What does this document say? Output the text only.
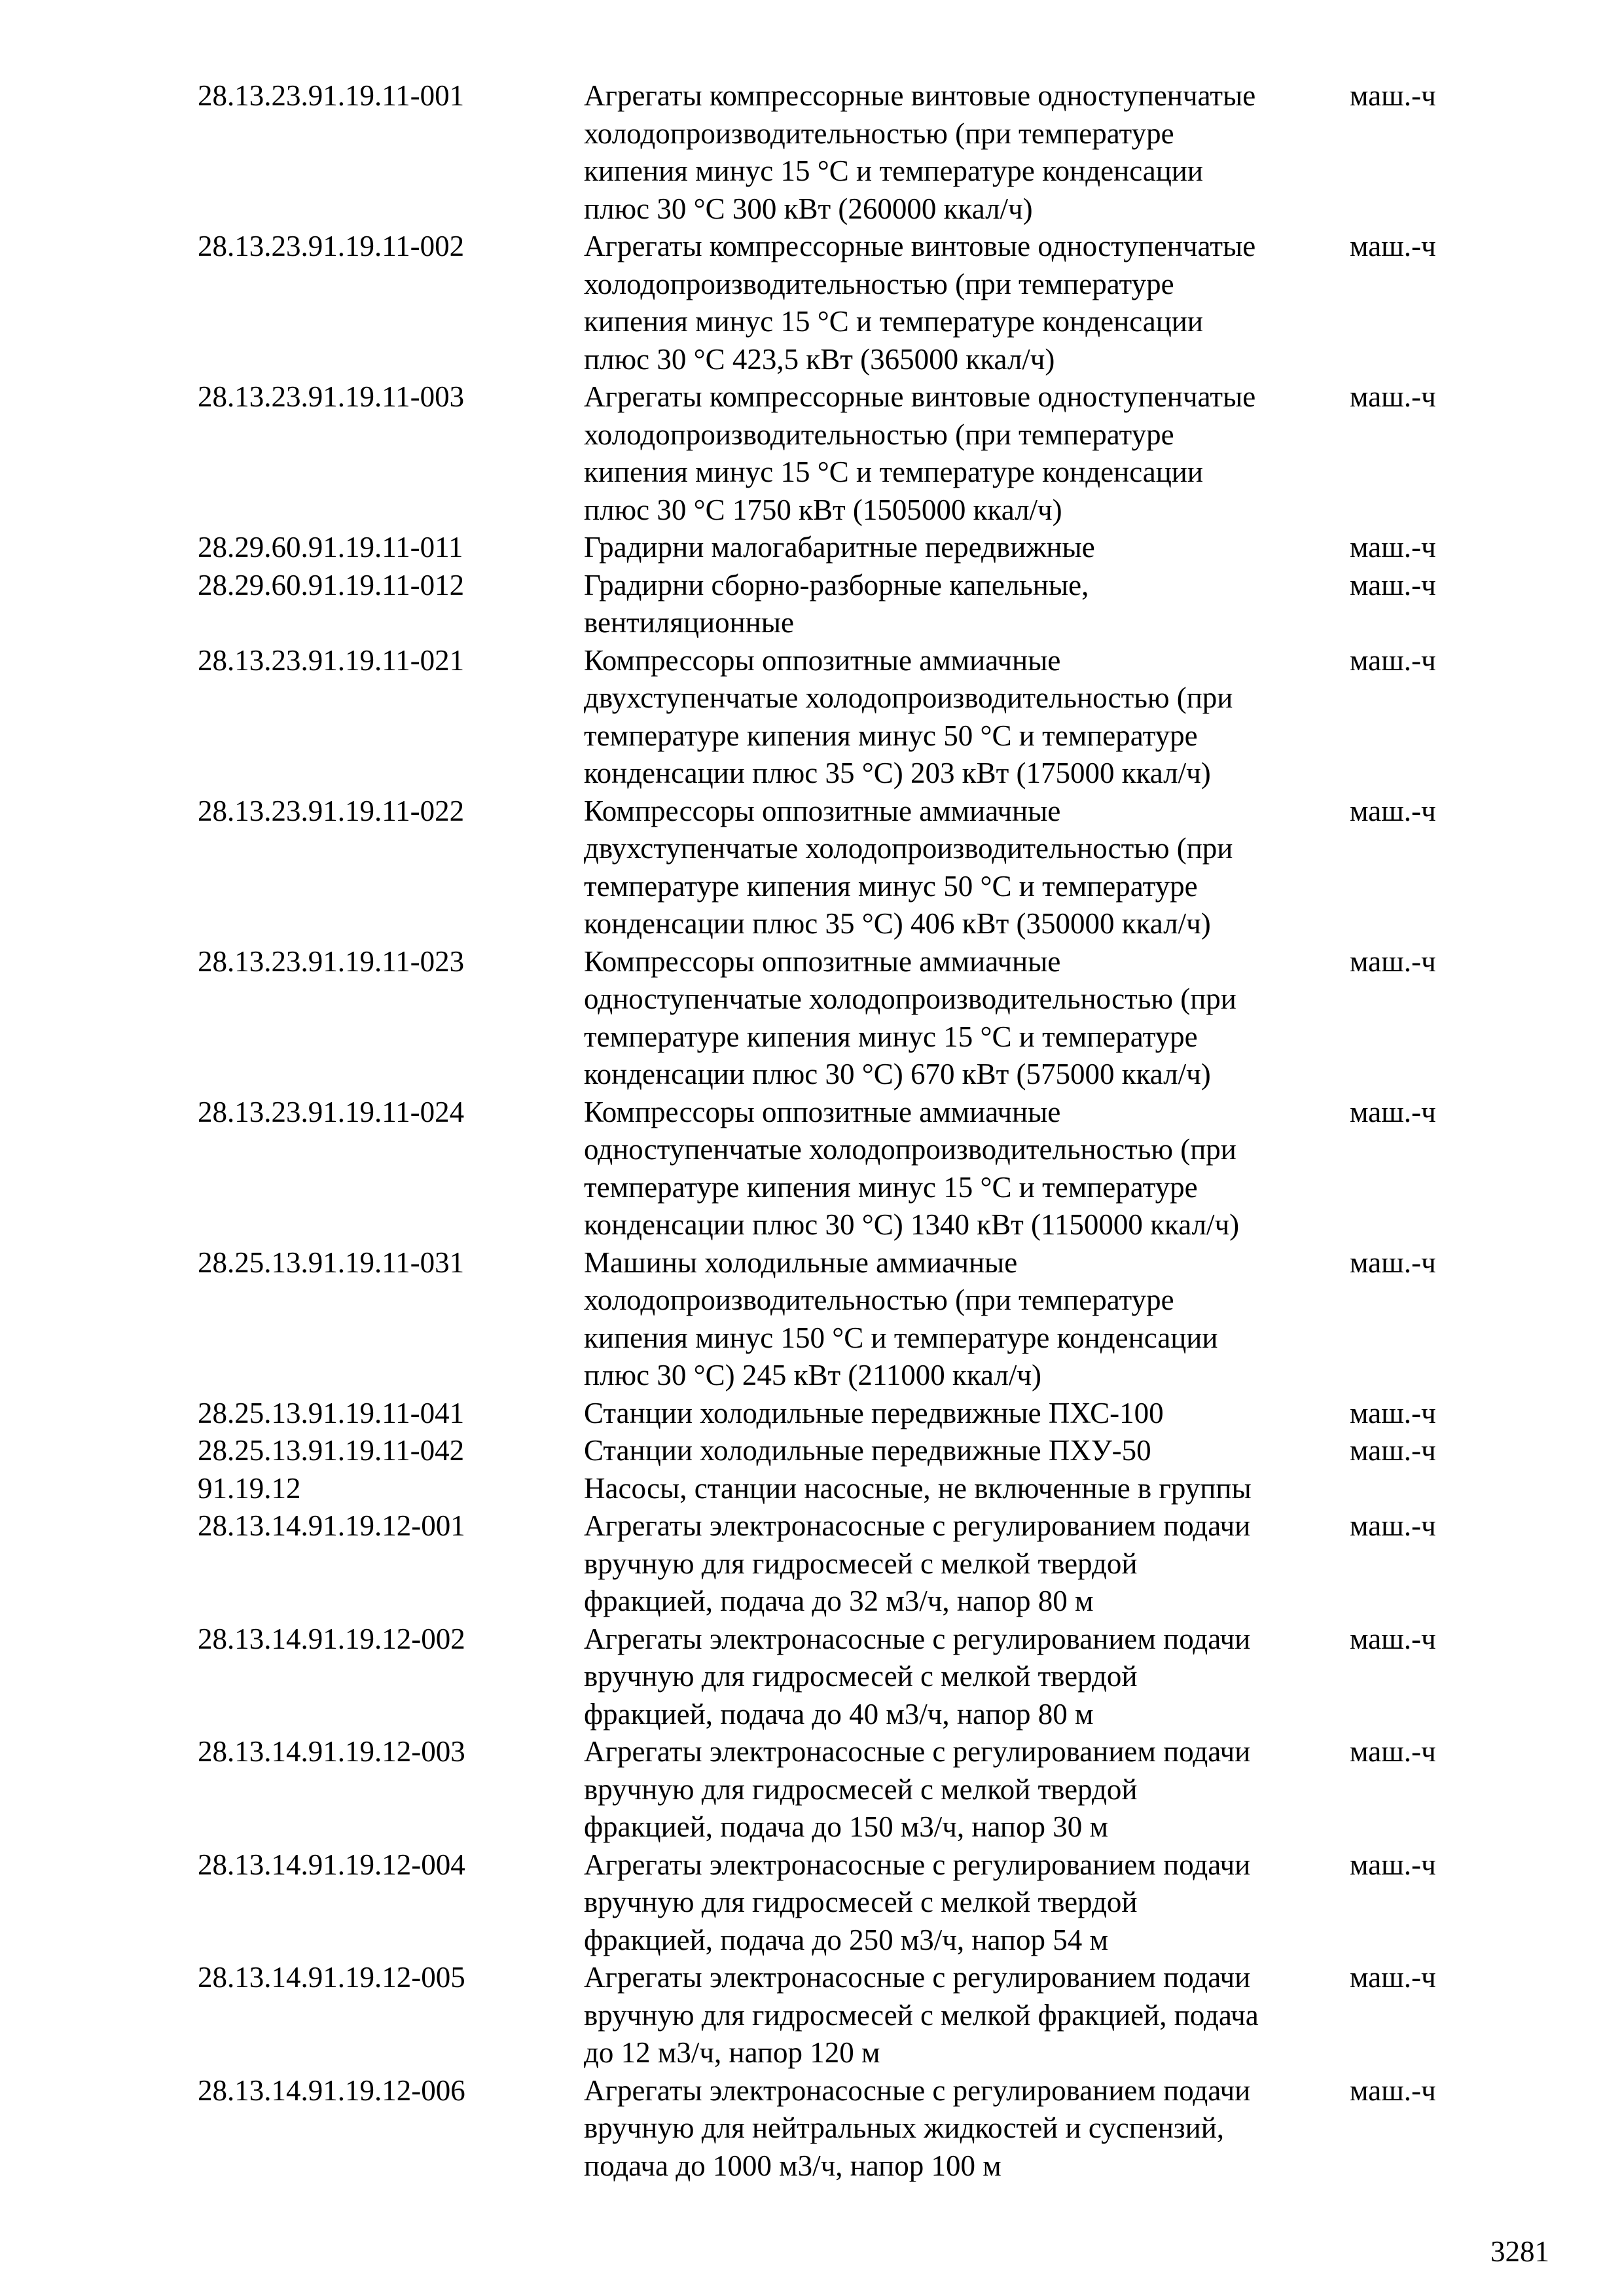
28.13.23.91.19.11-001	Агрегаты компрессорные винтовые одноступенчатые
холодопроизводительностью (при температуре
кипения минус 15 °С и температуре конденсации
плюс 30 °С 300 кВт (260000 ккал/ч)
маш.-ч
28.13.23.91.19.11-002	Агрегаты компрессорные винтовые одноступенчатые
холодопроизводительностью (при температуре
кипения минус 15 °С и температуре конденсации
плюс 30 °С 423,5 кВт (365000 ккал/ч)
маш.-ч
28.13.23.91.19.11-003	Агрегаты компрессорные винтовые одноступенчатые
холодопроизводительностью (при температуре
кипения минус 15 °С и температуре конденсации
плюс 30 °С 1750 кВт (1505000 ккал/ч)
маш.-ч
28.29.60.91.19.11-011	Градирни малогабаритные передвижные	маш.-ч
28.29.60.91.19.11-012	Градирни сборно-разборные капельные,
вентиляционные
маш.-ч
28.13.23.91.19.11-021	Компрессоры оппозитные аммиачные
двухступенчатые холодопроизводительностью (при
температуре кипения минус 50 °С и температуре
конденсации плюс 35 °С) 203 кВт (175000 ккал/ч)
маш.-ч
28.13.23.91.19.11-022	Компрессоры оппозитные аммиачные
двухступенчатые холодопроизводительностью (при
температуре кипения минус 50 °С и температуре
конденсации плюс 35 °С) 406 кВт (350000 ккал/ч)
маш.-ч
28.13.23.91.19.11-023	Компрессоры оппозитные аммиачные
одноступенчатые холодопроизводительностью (при
температуре кипения минус 15 °С и температуре
конденсации плюс 30 °С) 670 кВт (575000 ккал/ч)
маш.-ч
28.13.23.91.19.11-024	Компрессоры оппозитные аммиачные
одноступенчатые холодопроизводительностью (при
температуре кипения минус 15 °С и температуре
конденсации плюс 30 °С) 1340 кВт (1150000 ккал/ч)
маш.-ч
28.25.13.91.19.11-031	Машины холодильные аммиачные
холодопроизводительностью (при температуре
кипения минус 150 °С и температуре конденсации
плюс 30 °С) 245 кВт (211000 ккал/ч)
маш.-ч
28.25.13.91.19.11-041	Станции холодильные передвижные ПХС-100	маш.-ч
28.25.13.91.19.11-042	Станции холодильные передвижные ПХУ-50	маш.-ч
91.19.12	Насосы, станции насосные, не включенные в группы
28.13.14.91.19.12-001	Агрегаты электронасосные с регулированием подачи
вручную для гидросмесей с мелкой твердой
фракцией, подача до 32 м3/ч, напор 80 м
маш.-ч
28.13.14.91.19.12-002	Агрегаты электронасосные с регулированием подачи
вручную для гидросмесей с мелкой твердой
фракцией, подача до 40 м3/ч, напор 80 м
маш.-ч
28.13.14.91.19.12-003	Агрегаты электронасосные с регулированием подачи
вручную для гидросмесей с мелкой твердой
фракцией, подача до 150 м3/ч, напор 30 м
маш.-ч
28.13.14.91.19.12-004	Агрегаты электронасосные с регулированием подачи
вручную для гидросмесей с мелкой твердой
фракцией, подача до 250 м3/ч, напор 54 м
маш.-ч
28.13.14.91.19.12-005	Агрегаты электронасосные с регулированием подачи
вручную для гидросмесей с мелкой фракцией, подача
до 12 м3/ч, напор 120 м
маш.-ч
28.13.14.91.19.12-006	Агрегаты электронасосные с регулированием подачи
вручную для нейтральных жидкостей и суспензий,
подача до 1000 м3/ч, напор 100 м
маш.-ч
3281
